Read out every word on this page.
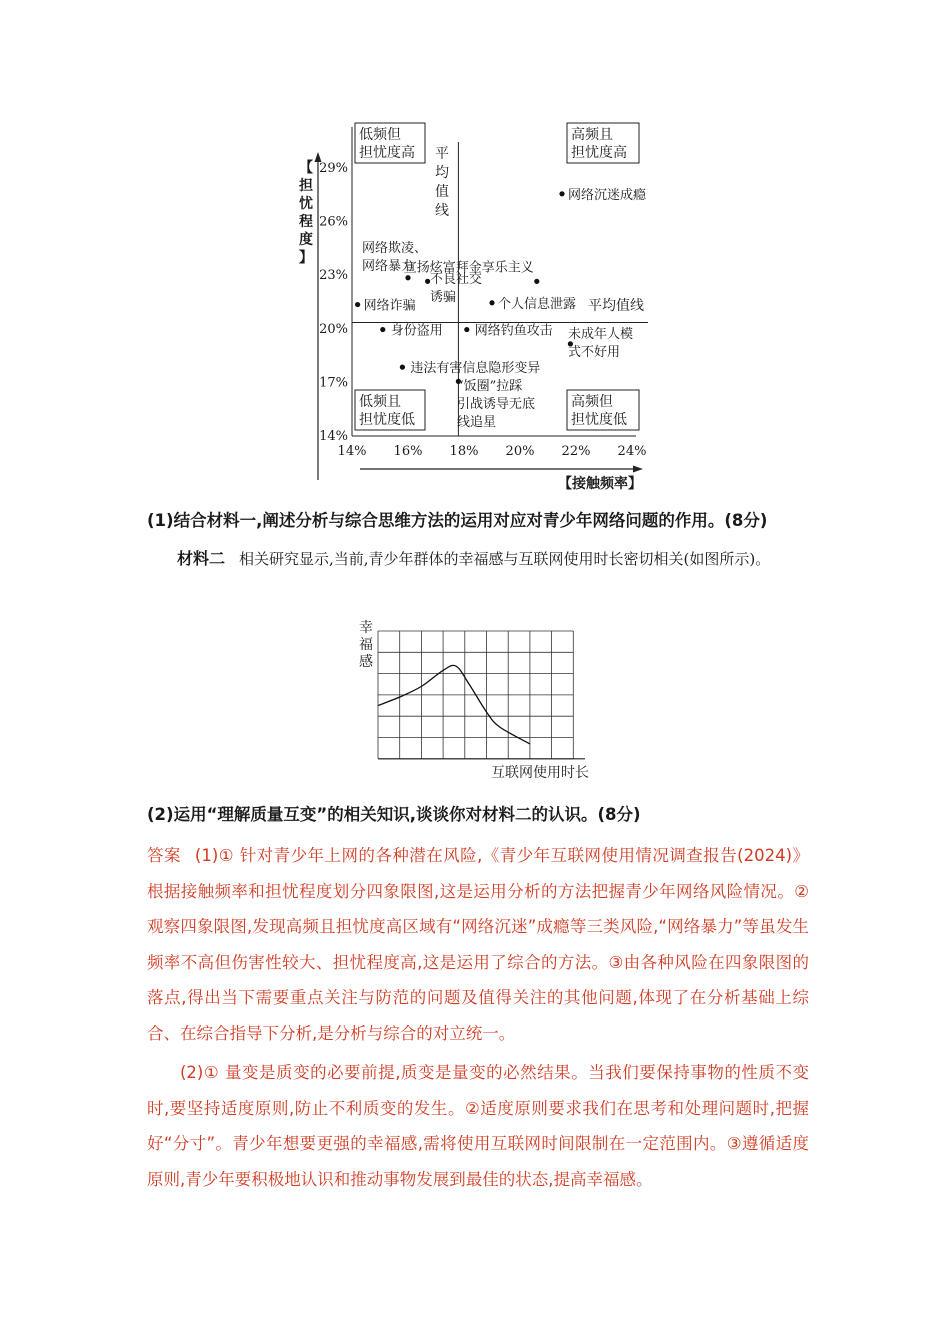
14%
17%
20%
23%
26%
29%
14% 16% 18% 20% 22% 24%
【
担
忧
程
度
】
【接触频率】
低频但
担忧度高
高频且
担忧度高
低频且
担忧度低
高频但
担忧度低
平
均
值
线
平均值线
网络沉迷成瘾
网络欺凌、
网络暴力
不良社交
诱骗
宣扬炫富拜金享乐主义
网络诈骗	个人信息泄露
身份盗用 网络钓鱼攻击 未成年人模
式不好用
违法有害信息隐形变异
“饭圈”拉踩
引战诱导无底
线追星
(1)结合材料一,阐述分析与综合思维方法的运用对应对青少年网络问题的作用。(8分)
材料二 相关研究显示,当前,青少年群体的幸福感与互联网使用时长密切相关(如图所示)。
幸
福
感
互联网使用时长
(2)运用“理解质量互变”的相关知识,谈谈你对材料二的认识。(8分)

答案 (1)① 针对青少年上网的各种潜在风险,《青少年互联网使用情况调查报告(2024)》根据接触频率和担忧程度划分四象限图,这是运用分析的方法把握青少年网络风险情况。②观察四象限图,发现高频且担忧度高区域有“网络沉迷”成瘾等三类风险,“网络暴力”等虽发生频率不高但伤害性较大、担忧程度高,这是运用了综合的方法。③由各种风险在四象限图的落点,得出当下需要重点关注与防范的问题及值得关注的其他问题,体现了在分析基础上综合、在综合指导下分析,是分析与综合的对立统一。

(2)① 量变是质变的必要前提,质变是量变的必然结果。当我们要保持事物的性质不变时,要坚持适度原则,防止不利质变的发生。②适度原则要求我们在思考和处理问题时,把握好“分寸”。青少年想要更强的幸福感,需将使用互联网时间限制在一定范围内。③遵循适度原则,青少年要积极地认识和推动事物发展到最佳的状态,提高幸福感。
